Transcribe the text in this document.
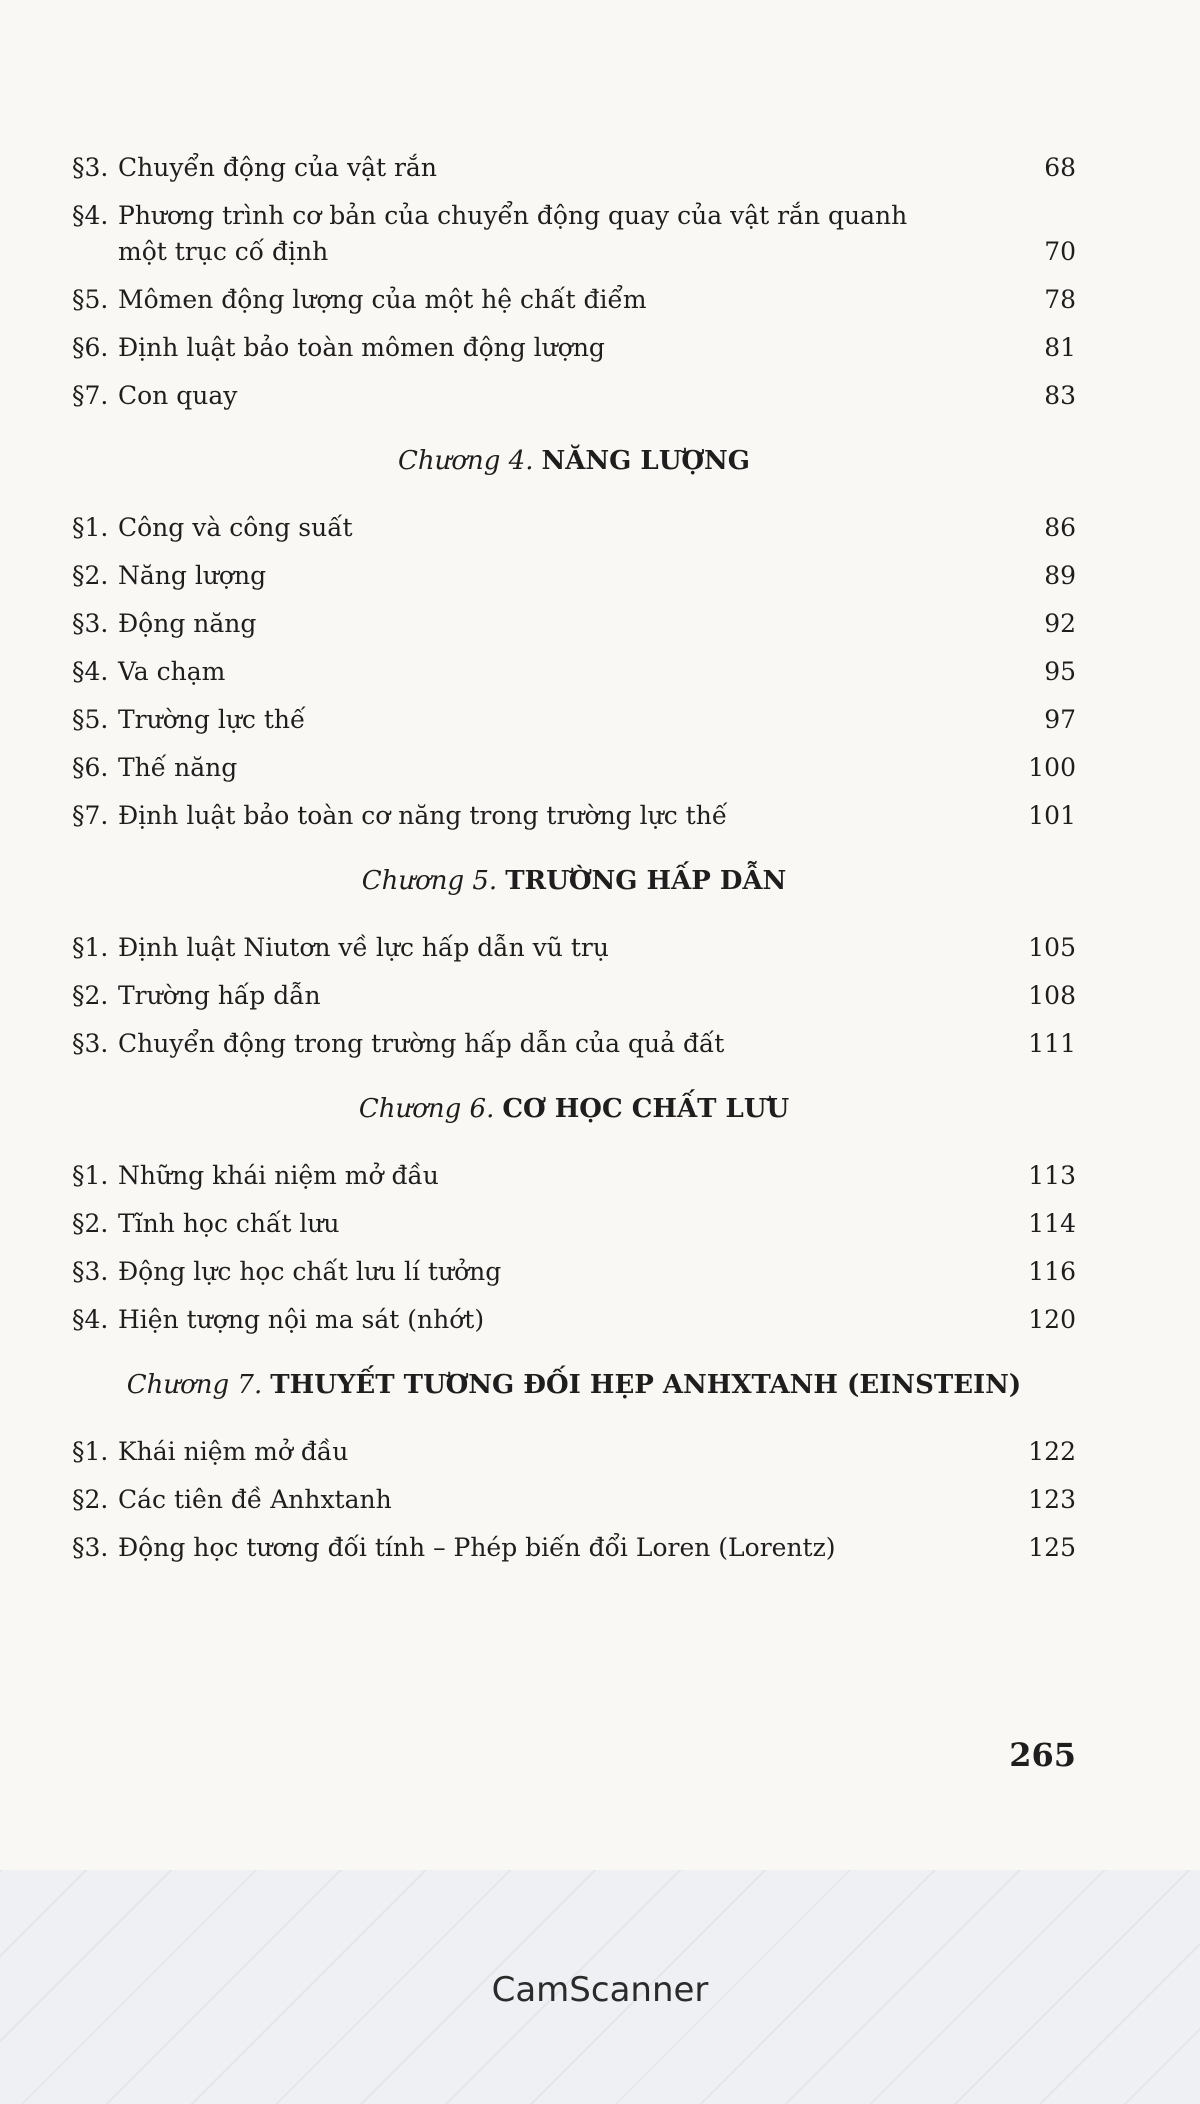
§3. Chuyển động của vật rắn	68
§4. Phương trình cơ bản của chuyển động quay của vật rắn quanh một trục cố định	70
§5. Mômen động lượng của một hệ chất điểm	78
§6. Định luật bảo toàn mômen động lượng	81
§7. Con quay	83
Chương 4. NĂNG LƯỢNG
§1. Công và công suất	86
§2. Năng lượng	89
§3. Động năng	92
§4. Va chạm	95
§5. Trường lực thế	97
§6. Thế năng	100
§7. Định luật bảo toàn cơ năng trong trường lực thế	101
Chương 5. TRƯỜNG HẤP DẪN
§1. Định luật Niutơn về lực hấp dẫn vũ trụ	105
§2. Trường hấp dẫn	108
§3. Chuyển động trong trường hấp dẫn của quả đất	111
Chương 6. CƠ HỌC CHẤT LƯU
§1. Những khái niệm mở đầu	113
§2. Tĩnh học chất lưu	114
§3. Động lực học chất lưu lí tưởng	116
§4. Hiện tượng nội ma sát (nhớt)	120
Chương 7. THUYẾT TƯƠNG ĐỐI HẸP ANHXTANH (EINSTEIN)
§1. Khái niệm mở đầu	122
§2. Các tiên đề Anhxtanh	123
§3. Động học tương đối tính – Phép biến đổi Loren (Lorentz)	125
265
CamScanner
